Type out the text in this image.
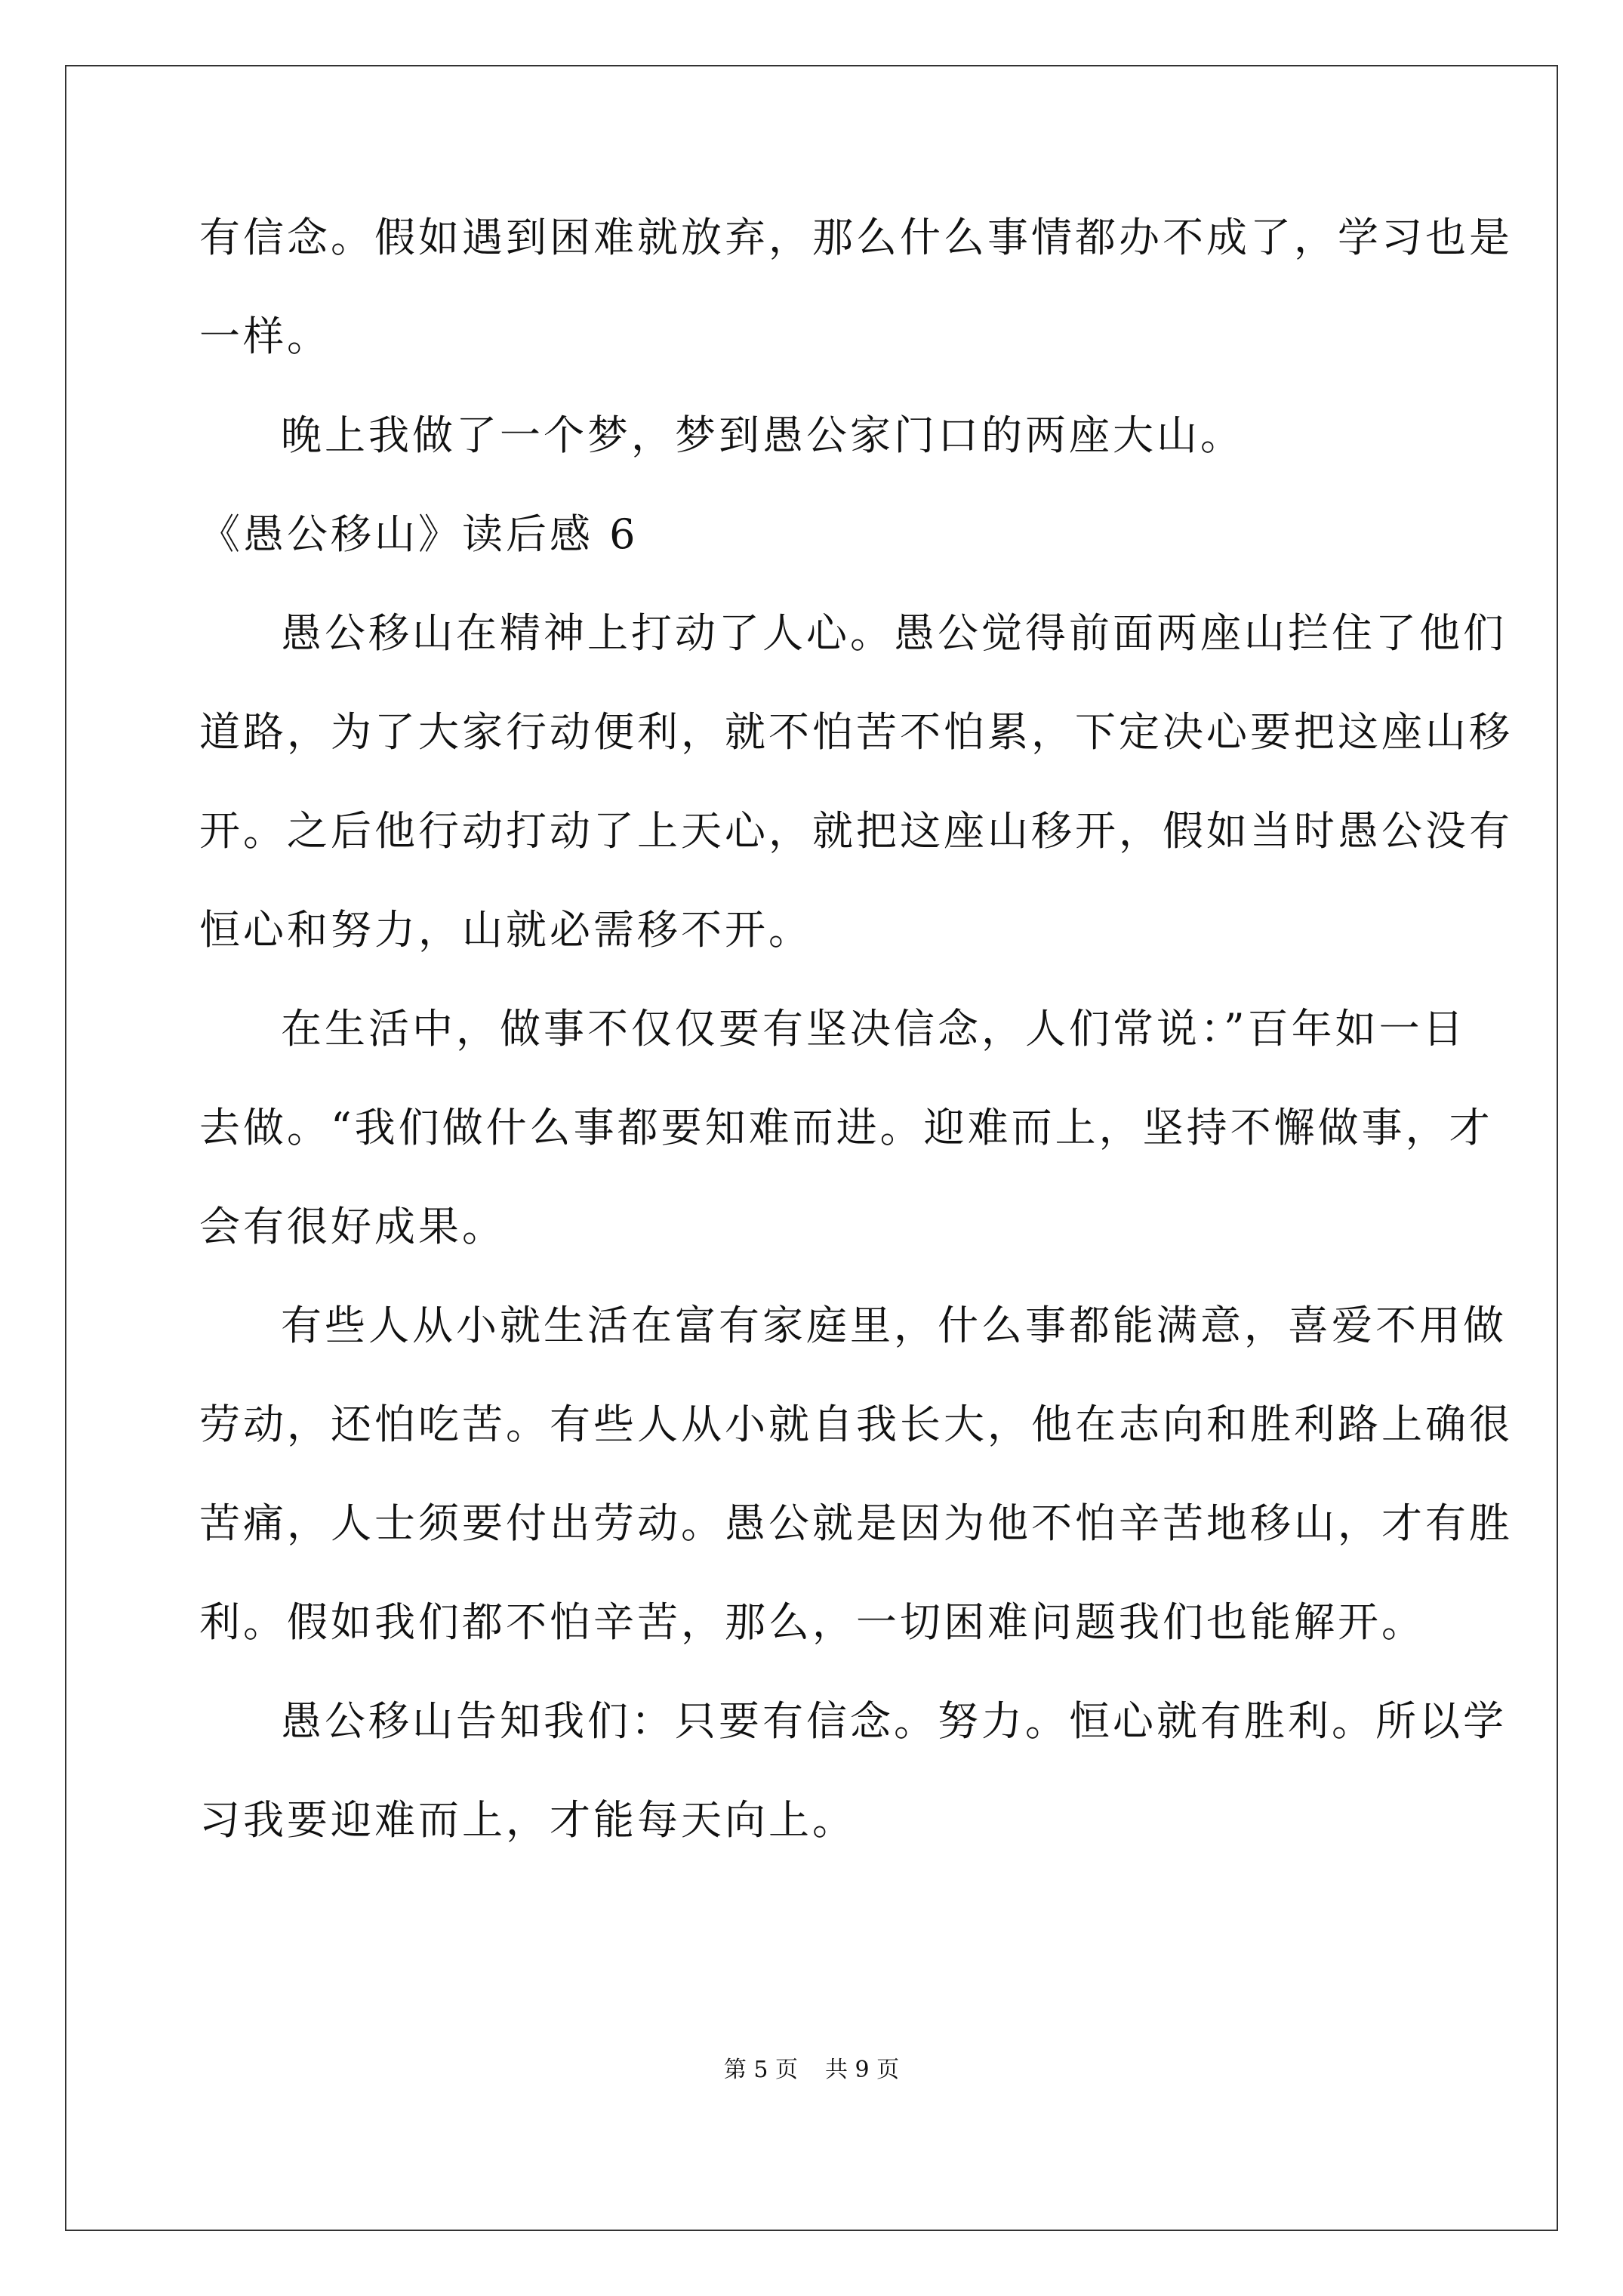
有信念。假如遇到困难就放弃，那么什么事情都办不成了，学习也是
一样。
晚上我做了一个梦，梦到愚公家门口的两座大山。
《愚公移山》读后感 6
愚公移山在精神上打动了人心。愚公觉得前面两座山拦住了他们
道路，为了大家行动便利，就不怕苦不怕累，下定决心要把这座山移
开。之后他行动打动了上天心，就把这座山移开，假如当时愚公没有
恒心和努力，山就必需移不开。
在生活中，做事不仅仅要有坚决信念，人们常说：”百年如一日
去做。“我们做什么事都要知难而进。迎难而上，坚持不懈做事，才
会有很好成果。
有些人从小就生活在富有家庭里，什么事都能满意，喜爱不用做
劳动，还怕吃苦。有些人从小就自我长大，他在志向和胜利路上确很
苦痛，人士须要付出劳动。愚公就是因为他不怕辛苦地移山，才有胜
利。假如我们都不怕辛苦，那么，一切困难问题我们也能解开。
愚公移山告知我们：只要有信念。努力。恒心就有胜利。所以学
习我要迎难而上，才能每天向上。
第 5 页 共 9 页
